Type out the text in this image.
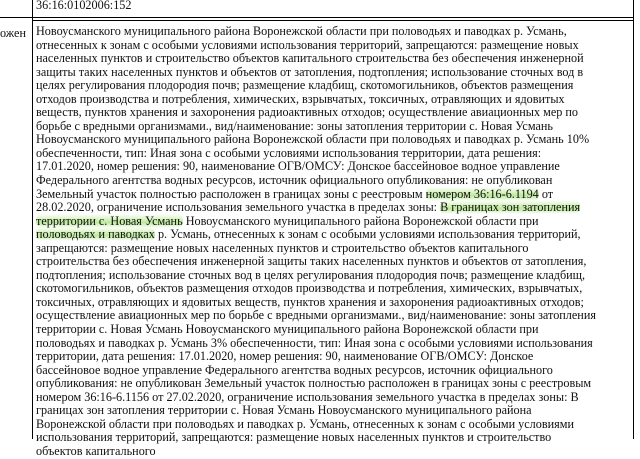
36:16:0102006:152
ожен Новоусманского муниципального района Воронежской области при половодьях и паводках р. Усмань,
отнесенных к зонам с особыми условиями использования территорий, запрещаются: размещение новых
населенных пунктов и строительство объектов капитального строительства без обеспечения инженерной
защиты таких населенных пунктов и объектов от затопления, подтопления; использование сточных вод в
целях регулирования плодородия почв; размещение кладбищ, скотомогильников, объектов размещения
отходов производства и потребления, химических, взрывчатых, токсичных, отравляющих и ядовитых
веществ, пунктов хранения и захоронения радиоактивных отходов; осуществление авиационных мер по
борьбе с вредными организмами., вид/наименование: зоны затопления территории с. Новая Усмань
Новоусманского муниципального района Воронежской области при половодьях и паводках р. Усмань 10%
обеспеченности, тип: Иная зона с особыми условиями использования территории, дата решения:
17.01.2020, номер решения: 90, наименование ОГВ/ОМСУ: Донское бассейновое водное управление
Федерального агентства водных ресурсов, источник официального опубликования: не опубликован
Земельный участок полностью расположен в границах зоны с реестровым номером 36:16-6.1194 от
28.02.2020, ограничение использования земельного участка в пределах зоны: В границах зон затопления
территории с. Новая Усмань Новоусманского муниципального района Воронежской области при
половодьях и паводках р. Усмань, отнесенных к зонам с особыми условиями использования территорий,
запрещаются: размещение новых населенных пунктов и строительство объектов капитального
строительства без обеспечения инженерной защиты таких населенных пунктов и объектов от затопления,
подтопления; использование сточных вод в целях регулирования плодородия почв; размещение кладбищ,
скотомогильников, объектов размещения отходов производства и потребления, химических, взрывчатых,
токсичных, отравляющих и ядовитых веществ, пунктов хранения и захоронения радиоактивных отходов;
осуществление авиационных мер по борьбе с вредными организмами., вид/наименование: зоны затопления
территории с. Новая Усмань Новоусманского муниципального района Воронежской области при
половодьях и паводках р. Усмань 3% обеспеченности, тип: Иная зона с особыми условиями использования
территории, дата решения: 17.01.2020, номер решения: 90, наименование ОГВ/ОМСУ: Донское
бассейновое водное управление Федерального агентства водных ресурсов, источник официального
опубликования: не опубликован Земельный участок полностью расположен в границах зоны с реестровым
номером 36:16-6.1156 от 27.02.2020, ограничение использования земельного участка в пределах зоны: В
границах зон затопления территории с. Новая Усмань Новоусманского муниципального района
Воронежской области при половодьях и паводках р. Усмань, отнесенных к зонам с особыми условиями
использования территорий, запрещаются: размещение новых населенных пунктов и строительство
объектов капитального
